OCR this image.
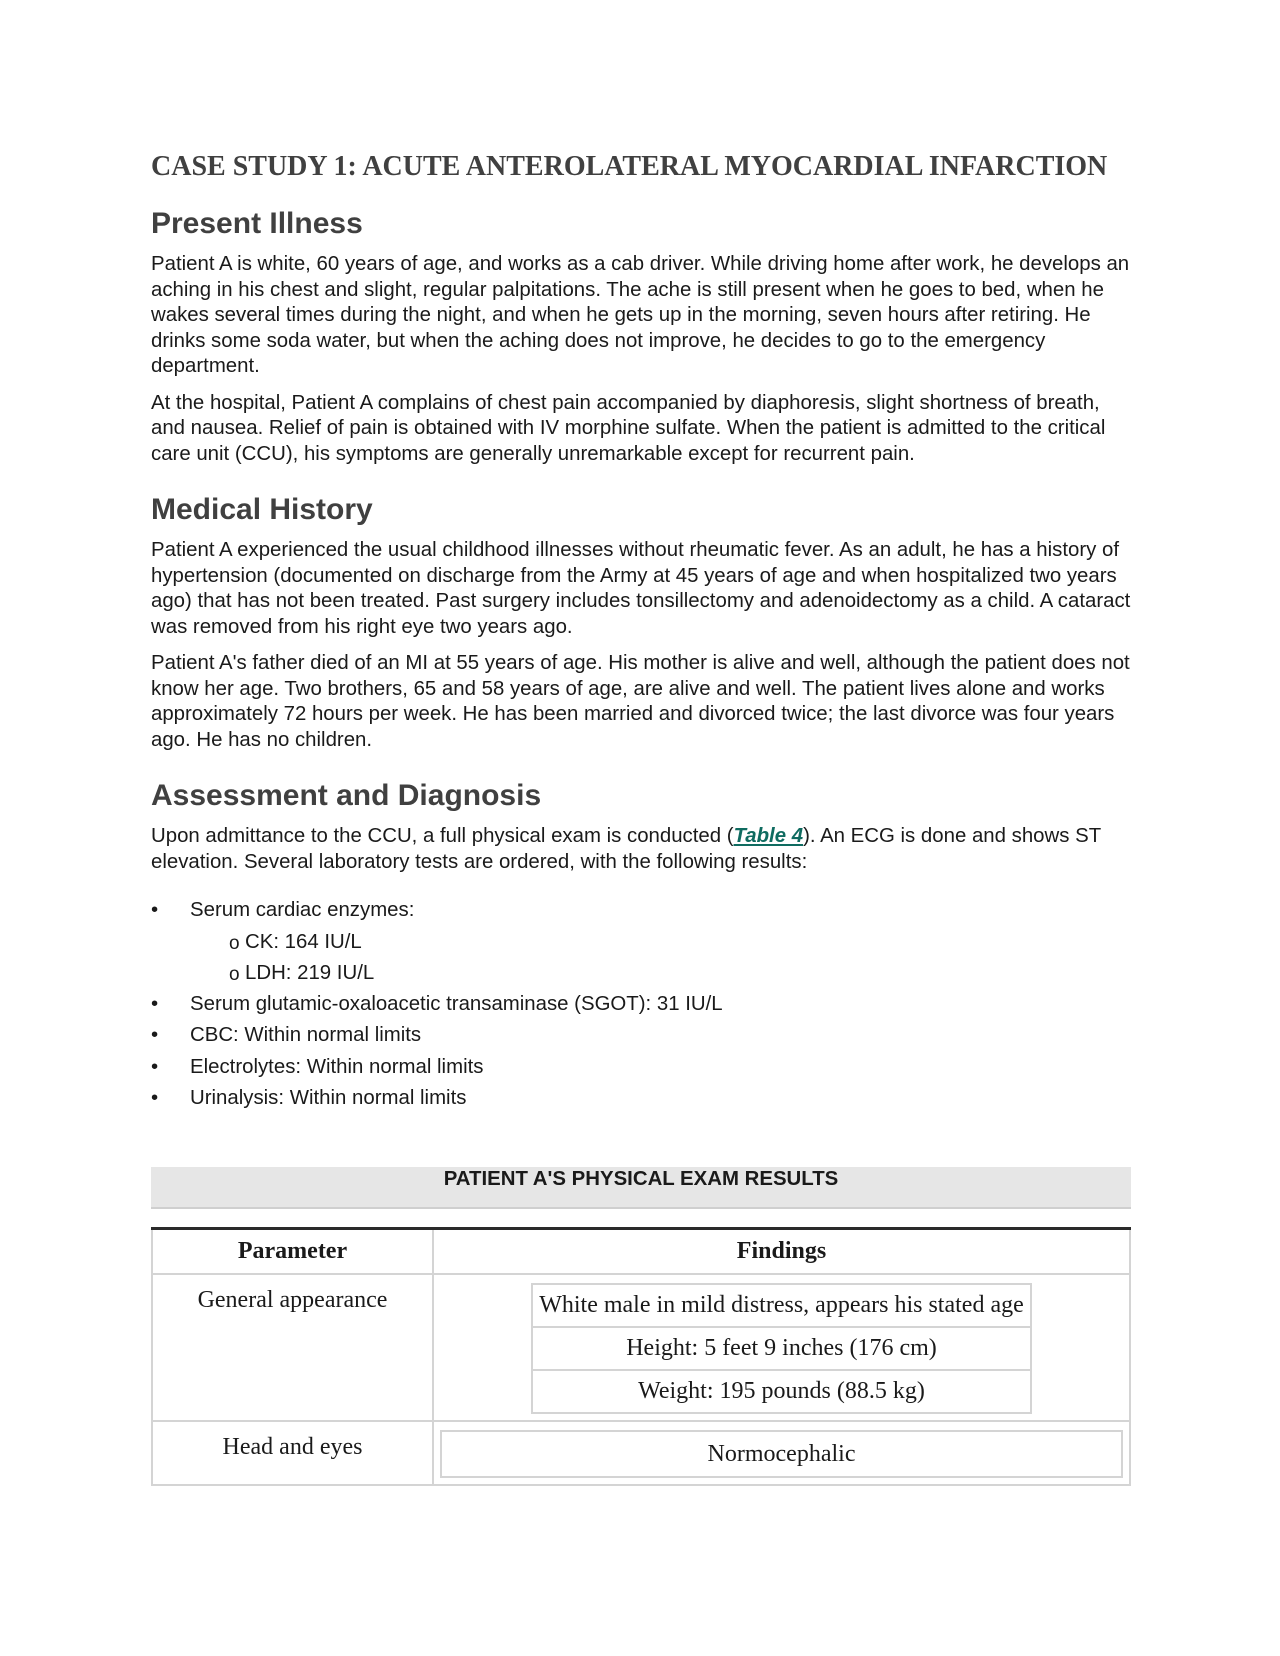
CASE STUDY 1: ACUTE ANTEROLATERAL MYOCARDIAL INFARCTION
Present Illness

Patient A is white, 60 years of age, and works as a cab driver. While driving home after work, he develops an aching in his chest and slight, regular palpitations. The ache is still present when he goes to bed, when he wakes several times during the night, and when he gets up in the morning, seven hours after retiring. He drinks some soda water, but when the aching does not improve, he decides to go to the emergency department.

At the hospital, Patient A complains of chest pain accompanied by diaphoresis, slight shortness of breath, and nausea. Relief of pain is obtained with IV morphine sulfate. When the patient is admitted to the critical care unit (CCU), his symptoms are generally unremarkable except for recurrent pain.

Medical History

Patient A experienced the usual childhood illnesses without rheumatic fever. As an adult, he has a history of hypertension (documented on discharge from the Army at 45 years of age and when hospitalized two years ago) that has not been treated. Past surgery includes tonsillectomy and adenoidectomy as a child. A cataract was removed from his right eye two years ago.

Patient A's father died of an MI at 55 years of age. His mother is alive and well, although the patient does not know her age. Two brothers, 65 and 58 years of age, are alive and well. The patient lives alone and works approximately 72 hours per week. He has been married and divorced twice; the last divorce was four years ago. He has no children.

Assessment and Diagnosis

Upon admittance to the CCU, a full physical exam is conducted (Table 4). An ECG is done and shows ST elevation. Several laboratory tests are ordered, with the following results:

• Serum cardiac enzymes:
o CK: 164 IU/L
o LDH: 219 IU/L
• Serum glutamic-oxaloacetic transaminase (SGOT): 31 IU/L
• CBC: Within normal limits
• Electrolytes: Within normal limits
• Urinalysis: Within normal limits
PATIENT A'S PHYSICAL EXAM RESULTS
Parameter	Findings
General appearance		White male in mild distress, appears his stated age
Height: 5 feet 9 inches (176 cm)
Weight: 195 pounds (88.5 kg)

Head and eyes		Normocephalic
